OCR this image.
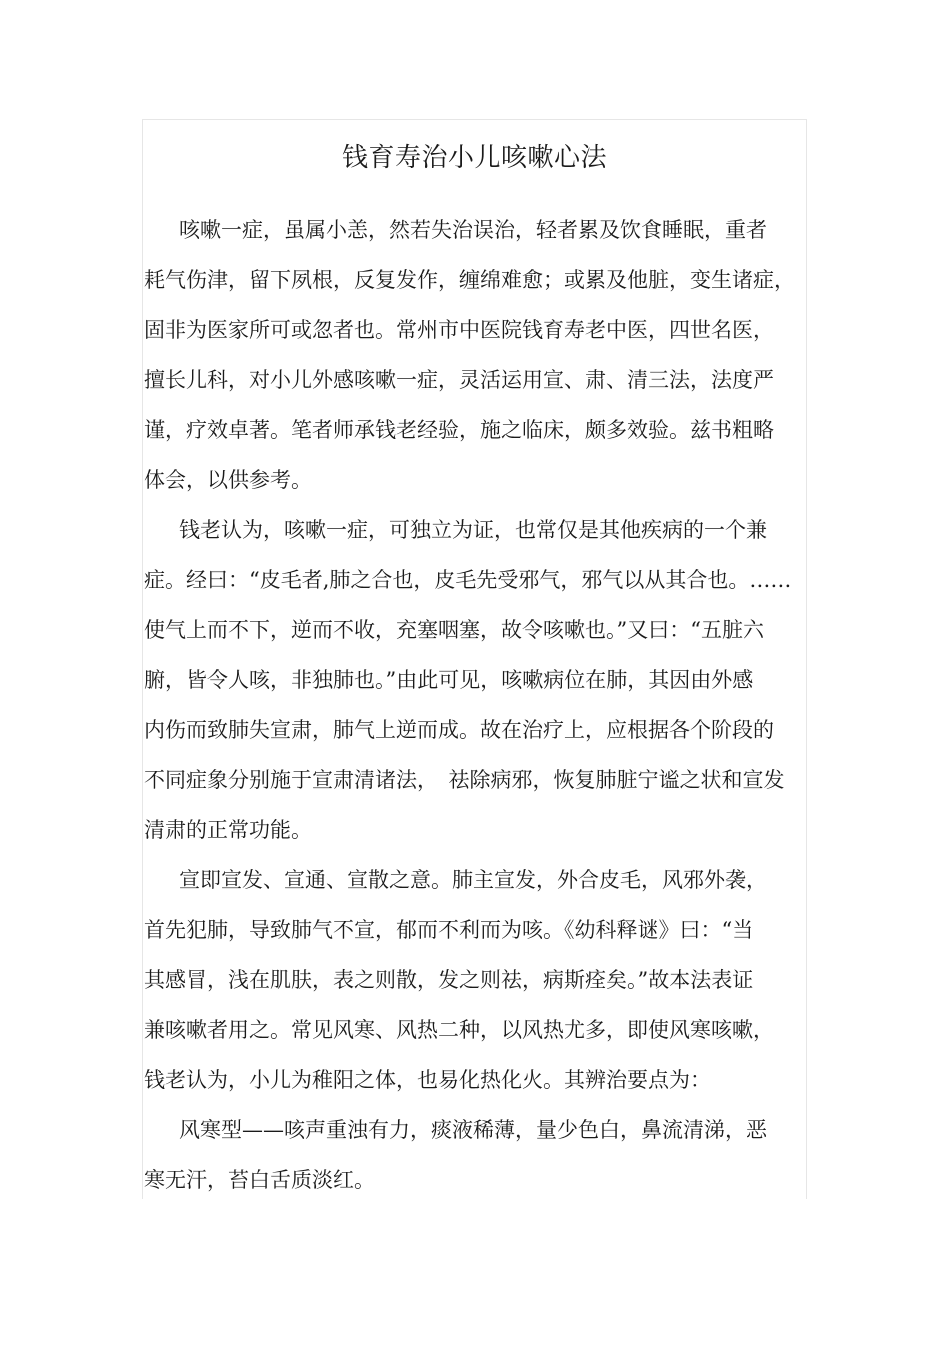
钱育寿治小儿咳嗽心法

咳嗽一症，虽属小恙，然若失治误治，轻者累及饮食睡眠，重者
耗气伤津，留下夙根，反复发作，缠绵难愈；或累及他脏，变生诸症，
固非为医家所可或忽者也。常州市中医院钱育寿老中医，四世名医，
擅长儿科，对小儿外感咳嗽一症，灵活运用宣、肃、清三法，法度严
谨，疗效卓著。笔者师承钱老经验，施之临床，颇多效验。兹书粗略
体会，以供参考。

钱老认为，咳嗽一症，可独立为证，也常仅是其他疾病的一个兼
症。经曰：“皮毛者,肺之合也，皮毛先受邪气，邪气以从其合也。……
使气上而不下，逆而不收，充塞咽塞，故令咳嗽也。”又曰：“五脏六
腑，皆令人咳，非独肺也。”由此可见，咳嗽病位在肺，其因由外感
内伤而致肺失宣肃，肺气上逆而成。故在治疗上，应根据各个阶段的
不同症象分别施于宣肃清诸法，　祛除病邪，恢复肺脏宁谧之状和宣发
清肃的正常功能。

宣即宣发、宣通、宣散之意。肺主宣发，外合皮毛，风邪外袭，
首先犯肺，导致肺气不宣，郁而不利而为咳。《幼科释谜》曰：“当
其感冒，浅在肌肤，表之则散，发之则祛，病斯痊矣。”故本法表证
兼咳嗽者用之。常见风寒、风热二种，以风热尤多，即使风寒咳嗽，
钱老认为，小儿为稚阳之体，也易化热化火。其辨治要点为：

风寒型——咳声重浊有力，痰液稀薄，量少色白，鼻流清涕，恶
寒无汗，苔白舌质淡红。
